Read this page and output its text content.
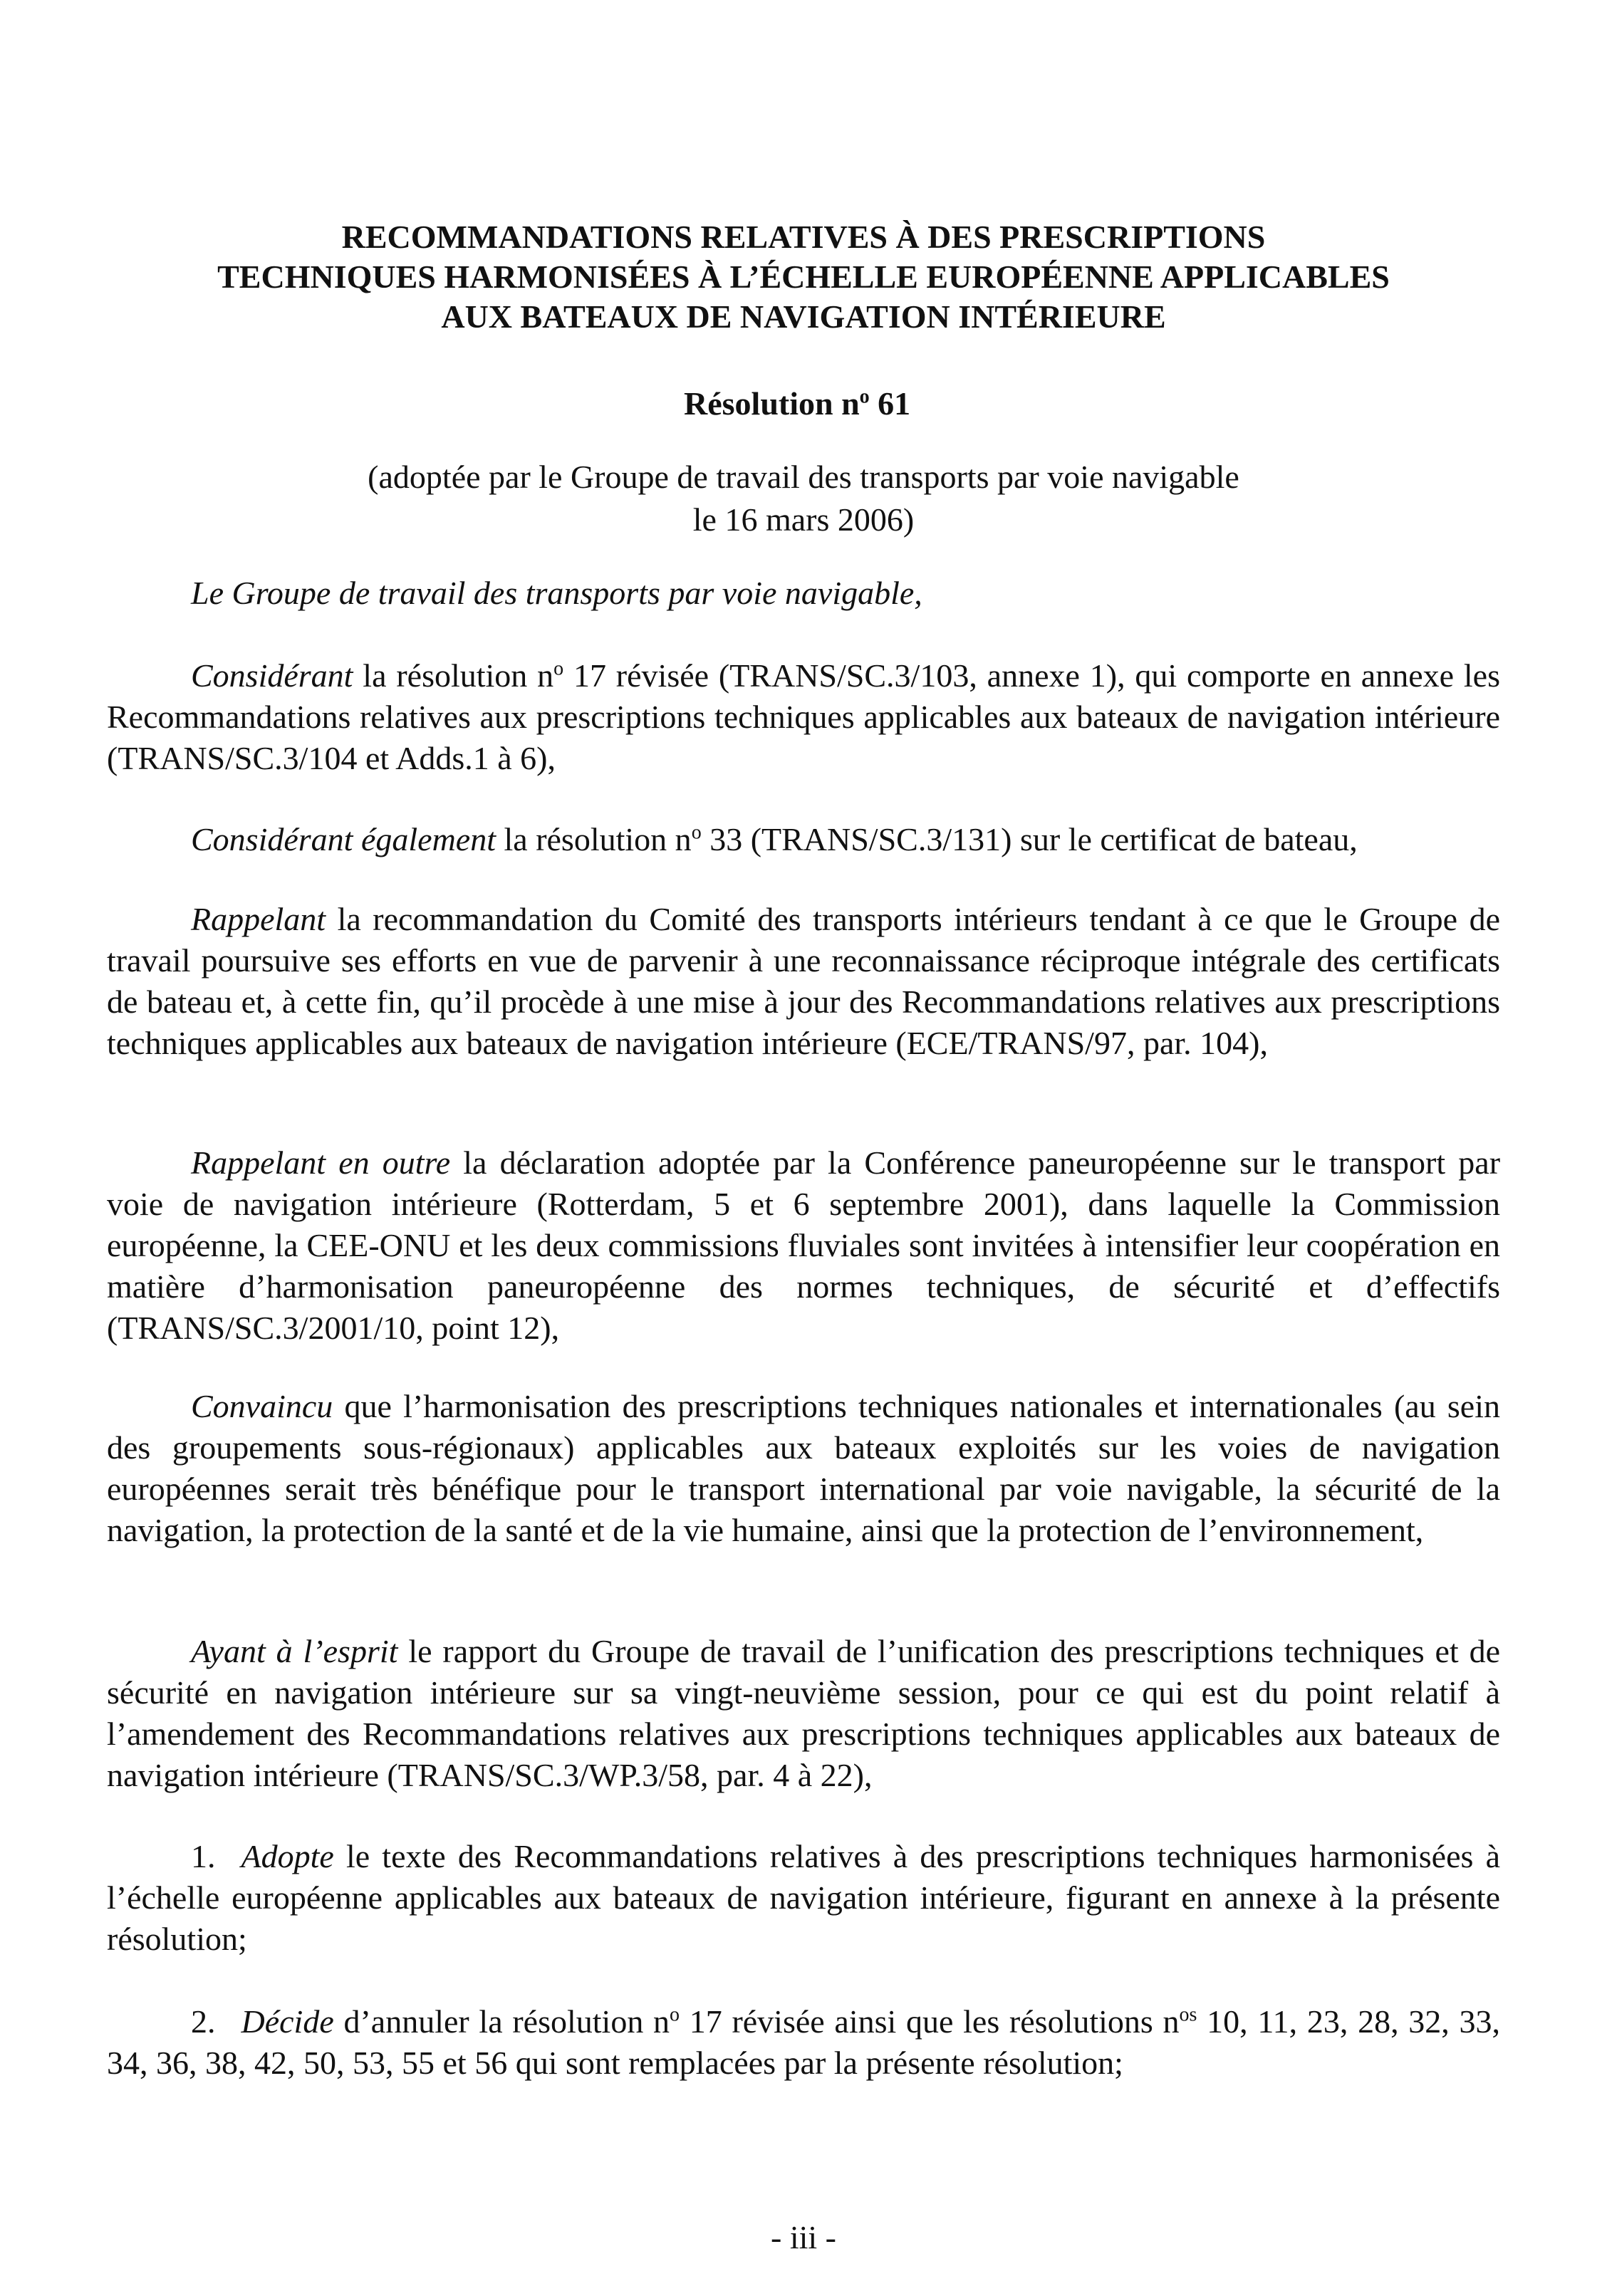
RECOMMANDATIONS RELATIVES À DES PRESCRIPTIONS
TECHNIQUES HARMONISÉES À L’ÉCHELLE EUROPÉENNE APPLICABLES
AUX BATEAUX DE NAVIGATION INTÉRIEURE
Résolution $n^o$ 61
(adoptée par le Groupe de travail des transports par voie navigable
le 16 mars 2006)

Le Groupe de travail des transports par voie navigable,

Considérant la résolution $n^o$ 17 révisée (TRANS/SC.3/103, annexe 1), qui comporte en annexe les Recommandations relatives aux prescriptions techniques applicables aux bateaux de navigation intérieure (TRANS/SC.3/104 et Adds.1 à 6),

Considérant également la résolution $n^o$ 33 (TRANS/SC.3/131) sur le certificat de bateau,

Rappelant la recommandation du Comité des transports intérieurs tendant à ce que le Groupe de travail poursuive ses efforts en vue de parvenir à une reconnaissance réciproque intégrale des certificats de bateau et, à cette fin, qu’il procède à une mise à jour des Recommandations relatives aux prescriptions techniques applicables aux bateaux de navigation intérieure (ECE/TRANS/97, par. 104),

Rappelant en outre la déclaration adoptée par la Conférence paneuropéenne sur le transport par voie de navigation intérieure (Rotterdam, 5 et 6 septembre 2001), dans laquelle la Commission européenne, la CEE-ONU et les deux commissions fluviales sont invitées à intensifier leur coopération en matière d’harmonisation paneuropéenne des normes techniques, de sécurité et d’effectifs (TRANS/SC.3/2001/10, point 12),

Convaincu que l’harmonisation des prescriptions techniques nationales et internationales (au sein des groupements sous-régionaux) applicables aux bateaux exploités sur les voies de navigation européennes serait très bénéfique pour le transport international par voie navigable, la sécurité de la navigation, la protection de la santé et de la vie humaine, ainsi que la protection de l’environnement,

Ayant à l’esprit le rapport du Groupe de travail de l’unification des prescriptions techniques et de sécurité en navigation intérieure sur sa vingt-neuvième session, pour ce qui est du point relatif à l’amendement des Recommandations relatives aux prescriptions techniques applicables aux bateaux de navigation intérieure (TRANS/SC.3/WP.3/58, par. 4 à 22),

1. Adopte le texte des Recommandations relatives à des prescriptions techniques harmonisées à l’échelle européenne applicables aux bateaux de navigation intérieure, figurant en annexe à la présente résolution;

2. Décide d’annuler la résolution $n^o$ 17 révisée ainsi que les résolutions $n^{os}$ 10, 11, 23, 28, 32, 33, 34, 36, 38, 42, 50, 53, 55 et 56 qui sont remplacées par la présente résolution;

- iii -
